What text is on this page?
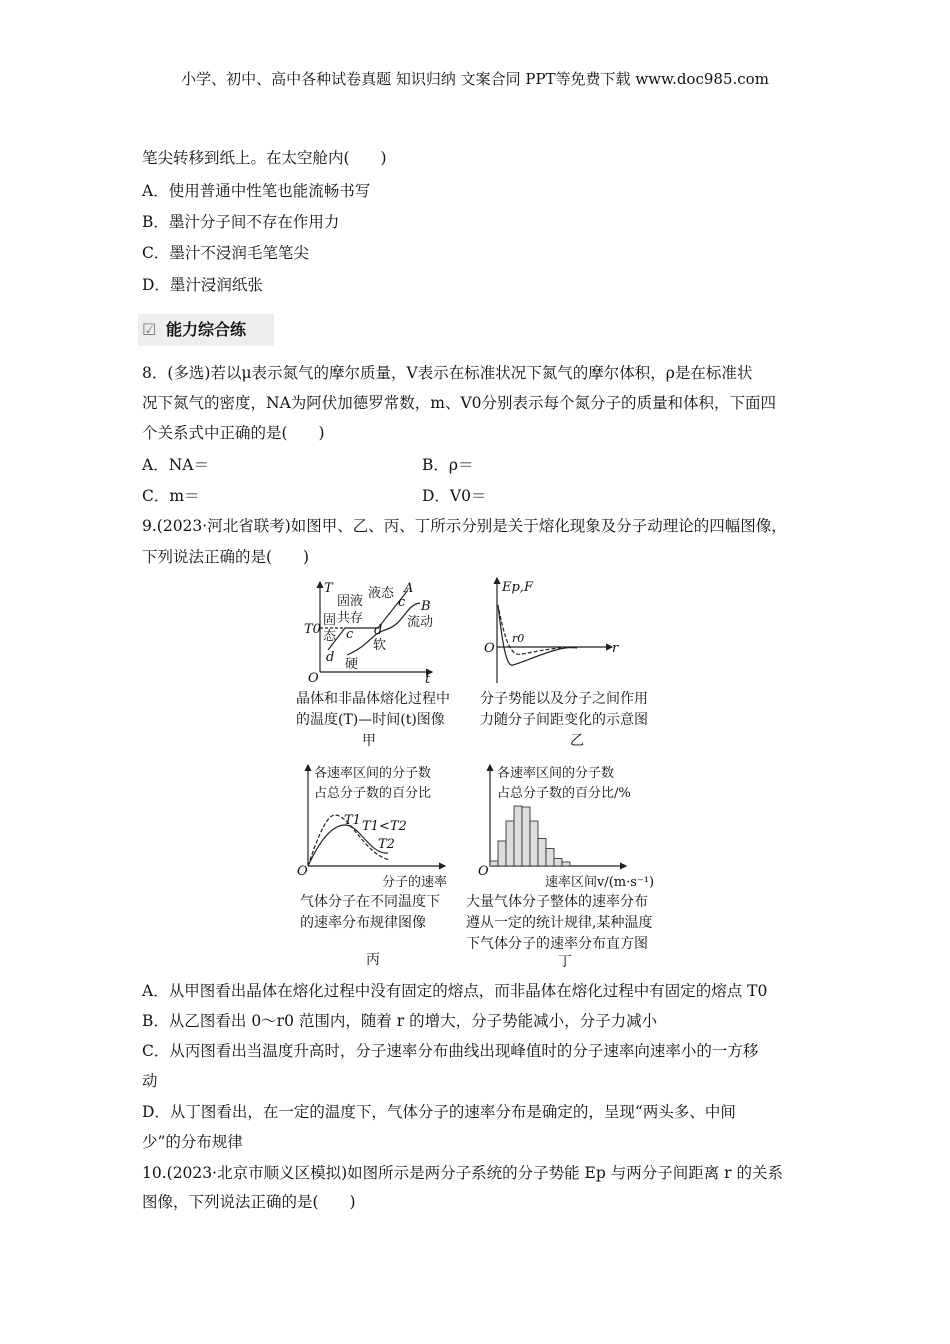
小学、初中、高中各种试卷真题 知识归纳 文案合同 PPT等免费下载 www.doc985.com
笔尖转移到纸上。在太空舱内(　　)
A．使用普通中性笔也能流畅书写
B．墨汁分子间不存在作用力
C．墨汁不浸润毛笔笔尖
D．墨汁浸润纸张
☑ 能力综合练
8．(多选)若以μ表示氮气的摩尔质量，V表示在标准状况下氮气的摩尔体积，ρ是在标准状
况下氮气的密度，NA为阿伏加德罗常数，m、V0分别表示每个氮分子的质量和体积，下面四
个关系式中正确的是(　　)
A．NA＝	B．ρ＝
C．m＝	D．V0＝
9.(2023·河北省联考)如图甲、乙、丙、丁所示分别是关于熔化现象及分子动理论的四幅图像，
下列说法正确的是(　　)
T
t
O
T0
A
B
c
c
d
d
固
态
固液
共存
液态
流动
软
硬
Ep,F
r
O
r0
各速率区间的分子数
占总分子数的百分比
T1 T1<T2
T2
O
分子的速率
各速率区间的分子数
占总分子数的百分比/%
O
速率区间v/(m·s⁻¹)
晶体和非晶体熔化过程中
的温度(T)—时间(t)图像
甲
分子势能以及分子之间作用
力随分子间距变化的示意图
乙
气体分子在不同温度下
的速率分布规律图像
丙
大量气体分子整体的速率分布
遵从一定的统计规律,某种温度
下气体分子的速率分布直方图
丁
A．从甲图看出晶体在熔化过程中没有固定的熔点，而非晶体在熔化过程中有固定的熔点 T0
B．从乙图看出 0～r0 范围内，随着 r 的增大，分子势能减小，分子力减小
C．从丙图看出当温度升高时，分子速率分布曲线出现峰值时的分子速率向速率小的一方移
动
D．从丁图看出，在一定的温度下，气体分子的速率分布是确定的，呈现“两头多、中间
少”的分布规律
10.(2023·北京市顺义区模拟)如图所示是两分子系统的分子势能 Ep 与两分子间距离 r 的关系
图像，下列说法正确的是(　　)
